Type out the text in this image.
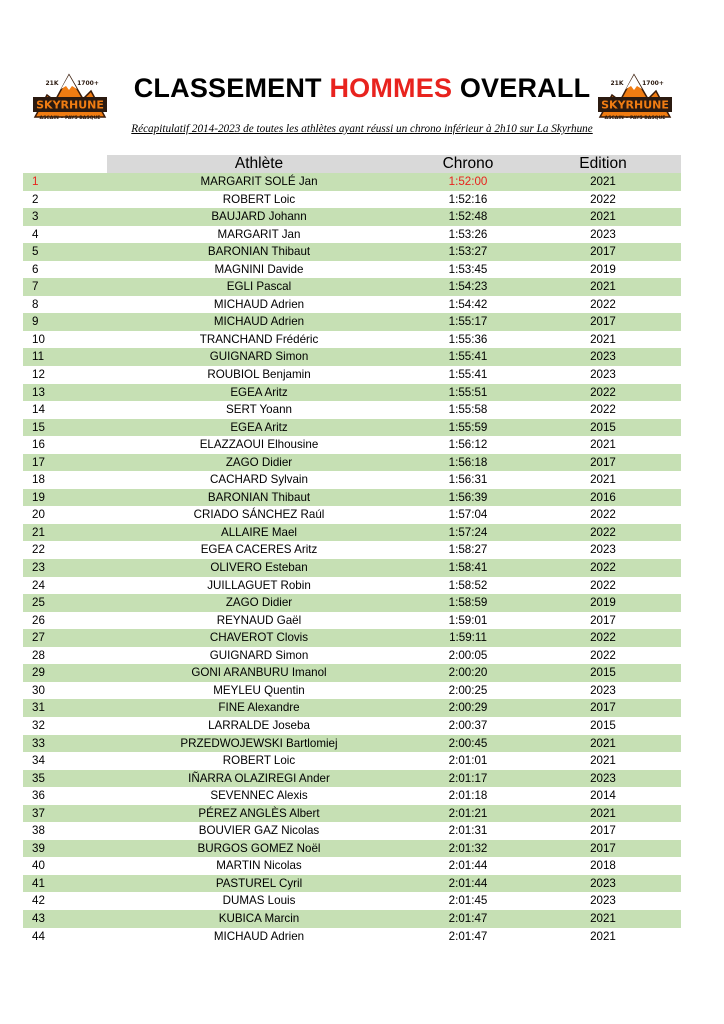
SKYRHUNE
21K	1700+
ASCAIN • PAYS BASQUE
CLASSEMENT HOMMES OVERALL
SKYRHUNE
21K	1700+
ASCAIN • PAYS BASQUE
Récapitulatif 2014-2023 de toutes les athlètes ayant réussi un chrono inférieur à 2h10 sur La Skyrhune
Athlète	Chrono	Edition
1	MARGARIT SOLÉ Jan	1:52:00	2021
2	ROBERT Loic	1:52:16	2022
3	BAUJARD Johann	1:52:48	2021
4	MARGARIT Jan	1:53:26	2023
5	BARONIAN Thibaut	1:53:27	2017
6	MAGNINI Davide	1:53:45	2019
7	EGLI Pascal	1:54:23	2021
8	MICHAUD Adrien	1:54:42	2022
9	MICHAUD Adrien	1:55:17	2017
10	TRANCHAND Frédéric	1:55:36	2021
11	GUIGNARD Simon	1:55:41	2023
12	ROUBIOL Benjamin	1:55:41	2023
13	EGEA Aritz	1:55:51	2022
14	SERT Yoann	1:55:58	2022
15	EGEA Aritz	1:55:59	2015
16	ELAZZAOUI Elhousine	1:56:12	2021
17	ZAGO Didier	1:56:18	2017
18	CACHARD Sylvain	1:56:31	2021
19	BARONIAN Thibaut	1:56:39	2016
20	CRIADO SÁNCHEZ Raúl	1:57:04	2022
21	ALLAIRE Mael	1:57:24	2022
22	EGEA CACERES Aritz	1:58:27	2023
23	OLIVERO Esteban	1:58:41	2022
24	JUILLAGUET Robin	1:58:52	2022
25	ZAGO Didier	1:58:59	2019
26	REYNAUD Gaël	1:59:01	2017
27	CHAVEROT Clovis	1:59:11	2022
28	GUIGNARD Simon	2:00:05	2022
29	GONI ARANBURU Imanol	2:00:20	2015
30	MEYLEU Quentin	2:00:25	2023
31	FINE Alexandre	2:00:29	2017
32	LARRALDE Joseba	2:00:37	2015
33	PRZEDWOJEWSKI Bartlomiej	2:00:45	2021
34	ROBERT Loic	2:01:01	2021
35	IÑARRA OLAZIREGI Ander	2:01:17	2023
36	SEVENNEC Alexis	2:01:18	2014
37	PÉREZ ANGLÈS Albert	2:01:21	2021
38	BOUVIER GAZ Nicolas	2:01:31	2017
39	BURGOS GOMEZ Noël	2:01:32	2017
40	MARTIN Nicolas	2:01:44	2018
41	PASTUREL Cyril	2:01:44	2023
42	DUMAS Louis	2:01:45	2023
43	KUBICA Marcin	2:01:47	2021
44	MICHAUD Adrien	2:01:47	2021
